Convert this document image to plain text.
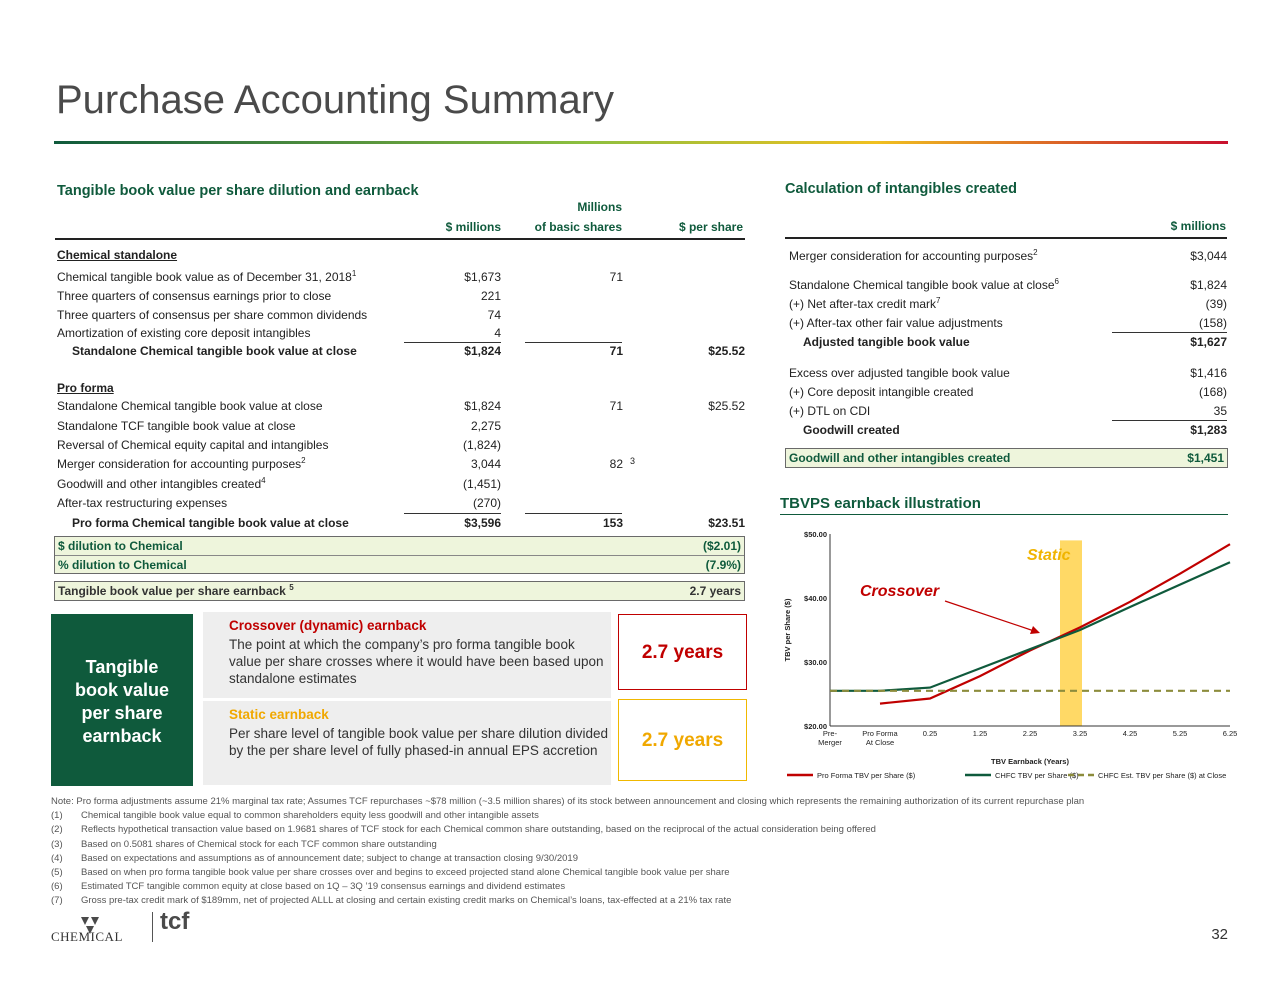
Purchase Accounting Summary
Tangible book value per share dilution and earnback
Millions
$ millions	of basic shares	$ per share
Chemical standalone
Chemical tangible book value as of December 31, 2018$^1$	$1,673	71
Three quarters of consensus earnings prior to close	221
Three quarters of consensus per share common dividends	74
Amortization of existing core deposit intangibles	4
Standalone Chemical tangible book value at close	$1,824	71	$25.52
Pro forma
Standalone Chemical tangible book value at close	$1,824	71	$25.52
Standalone TCF tangible book value at close	2,275
Reversal of Chemical equity capital and intangibles	(1,824)
Merger consideration for accounting purposes$^2$	3,044	82
Goodwill and other intangibles created$^4$	(1,451)
After-tax restructuring expenses	(270)
3
Pro forma Chemical tangible book value at close	$3,596	153	$23.51
$ dilution to Chemical	($2.01)
% dilution to Chemical	(7.9%)
Tangible book value per share earnback $^5$	2.7 years
Tangible
book value
per share
earnback
Crossover (dynamic) earnback
The point at which the company’s pro forma tangible book value per share crosses where it would have been based upon standalone estimates
2.7 years
Static earnback
Per share level of tangible book value per share dilution divided by the per share level of fully phased-in annual EPS accretion	2.7 years
Calculation of intangibles created
$ millions
Merger consideration for accounting purposes$^2$	$3,044
Standalone Chemical tangible book value at close$^6$	$1,824
(+) Net after-tax credit mark$^7$	(39)
(+) After-tax other fair value adjustments	(158)
Adjusted tangible book value	$1,627
Excess over adjusted tangible book value	$1,416
(+) Core deposit intangible created	(168)
(+) DTL on CDI	35
Goodwill created	$1,283
Goodwill and other intangibles created	$1,451
TBVPS earnback illustration
$20.00
$30.00
$40.00
$50.00
Pre-Merger
Pro Forma At Close
0.25	1.25	2.25	3.25	4.25	5.25	6.25
TBV Earnback (Years)
TBV per Share ($)
Crossover
Static
Pro Forma TBV per Share ($)	CHFC TBV per Share ($)	CHFC Est. TBV per Share ($) at Close
Note: Pro forma adjustments assume 21% marginal tax rate; Assumes TCF repurchases ~$78 million (~3.5 million shares) of its stock between announcement and closing which represents the remaining authorization of its current repurchase plan
(1) Chemical tangible book value equal to common shareholders equity less goodwill and other intangible assets
(2) Reflects hypothetical transaction value based on 1.9681 shares of TCF stock for each Chemical common share outstanding, based on the reciprocal of the actual consideration being offered
(3) Based on 0.5081 shares of Chemical stock for each TCF common share outstanding
(4) Based on expectations and assumptions as of announcement date; subject to change at transaction closing 9/30/2019
(5) Based on when pro forma tangible book value per share crosses over and begins to exceed projected stand alone Chemical tangible book value per share
(6) Estimated TCF tangible common equity at close based on 1Q – 3Q ’19 consensus earnings and dividend estimates
(7) Gross pre-tax credit mark of $189mm, net of projected ALLL at closing and certain existing credit marks on Chemical’s loans, tax-effected at a 21% tax rate
CHEMICAL
tcf	32
